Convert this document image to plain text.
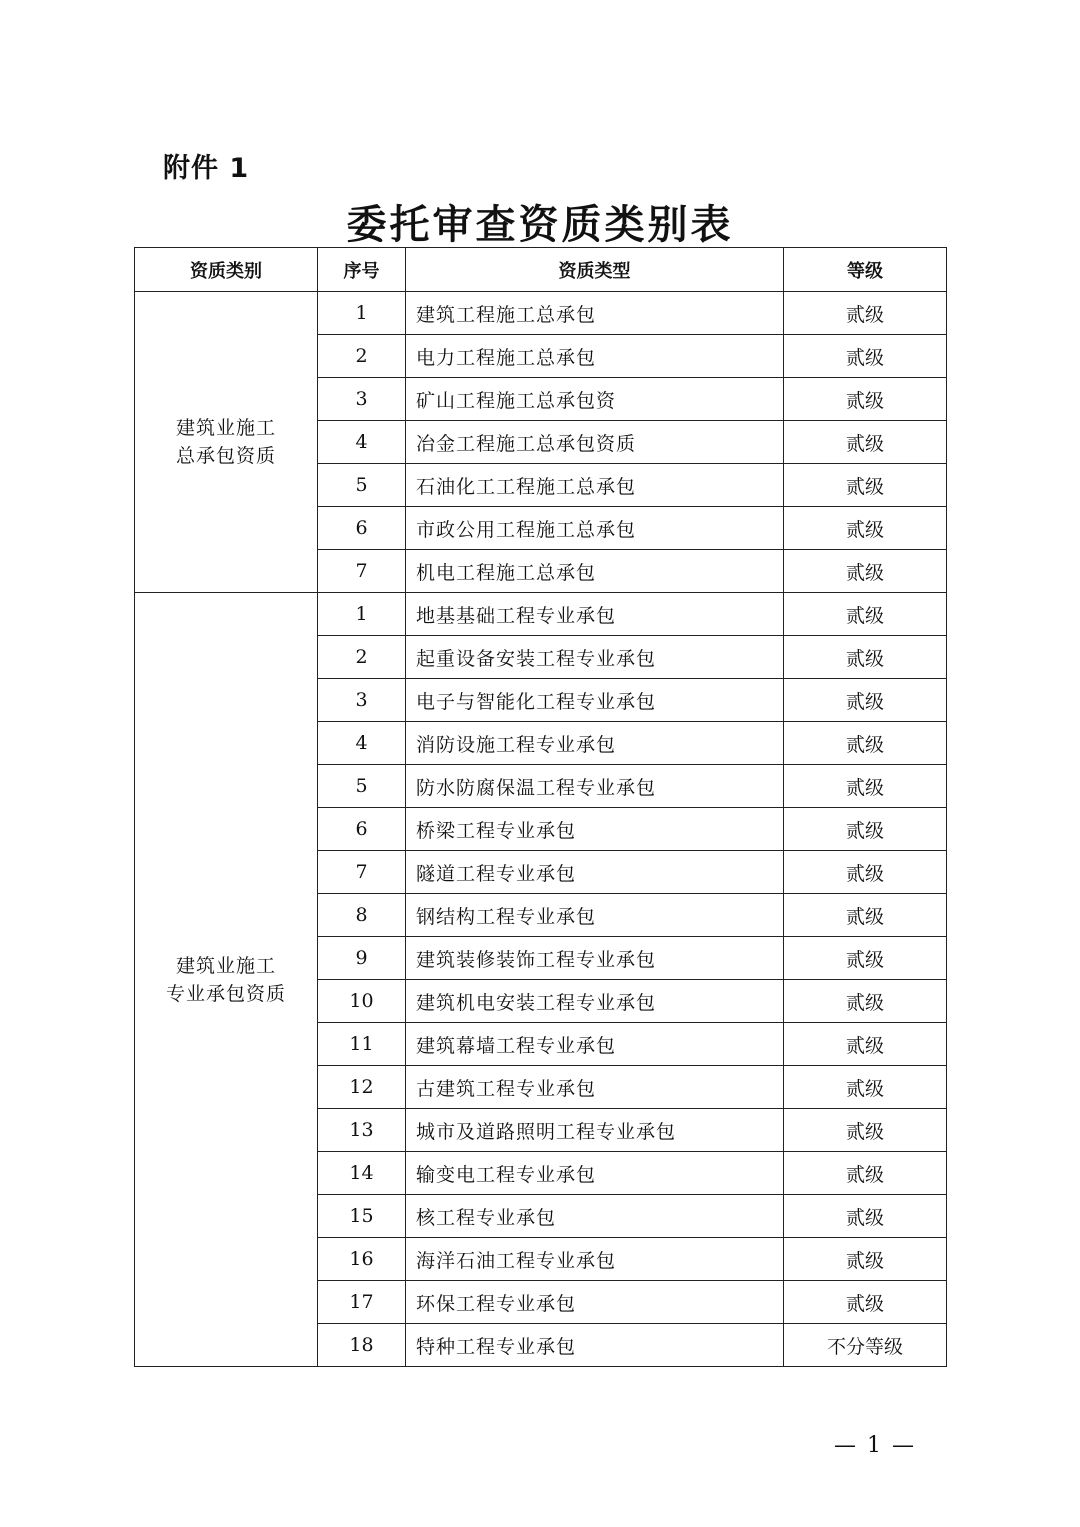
附件 1
委托审查资质类别表
资质类别	序号	资质类型	等级

建筑业施工
总承包资质	1	建筑工程施工总承包	贰级
	2	电力工程施工总承包	贰级
	3	矿山工程施工总承包资	贰级
	4	冶金工程施工总承包资质	贰级
	5	石油化工工程施工总承包	贰级
	6	市政公用工程施工总承包	贰级
	7	机电工程施工总承包	贰级

建筑业施工
专业承包资质	1	地基基础工程专业承包	贰级
	2	起重设备安装工程专业承包	贰级
	3	电子与智能化工程专业承包	贰级
	4	消防设施工程专业承包	贰级
	5	防水防腐保温工程专业承包	贰级
	6	桥梁工程专业承包	贰级
	7	隧道工程专业承包	贰级
	8	钢结构工程专业承包	贰级
	9	建筑装修装饰工程专业承包	贰级
	10	建筑机电安装工程专业承包	贰级
	11	建筑幕墙工程专业承包	贰级
	12	古建筑工程专业承包	贰级
	13	城市及道路照明工程专业承包	贰级
	14	输变电工程专业承包	贰级
	15	核工程专业承包	贰级
	16	海洋石油工程专业承包	贰级
	17	环保工程专业承包	贰级
	18	特种工程专业承包	不分等级
— 1 —
